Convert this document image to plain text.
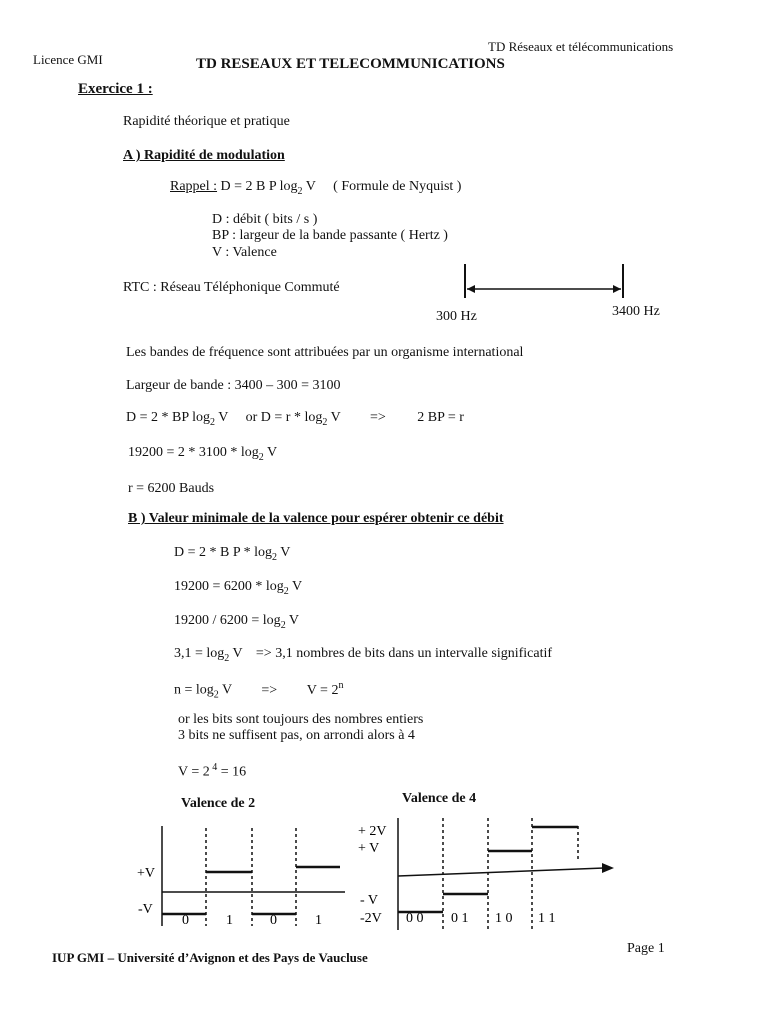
Licence GMI
TD Réseaux et télécommunications
TD RESEAUX ET TELECOMMUNICATIONS
Exercice 1 :
Rapidité théorique et pratique
A ) Rapidité de modulation
Rappel : D = 2 B P $\log_2 V$ ( Formule de Nyquist )
D : débit ( bits / s )
BP : largeur de la bande passante ( Hertz )
V : Valence
RTC : Réseau Téléphonique Commuté
300 Hz	3400 Hz
Les bandes de fréquence sont attribuées par un organisme international
Largeur de bande : 3400 – 300 = 3100
D = 2 * BP $\log_2 V$ or $D = r * \log_2 V => 2$ BP = r
$19200 = 2 * 3100 * \log_2 V$
r = 6200 Bauds
B ) Valeur minimale de la valence pour espérer obtenir ce débit
D = 2 * B P * $\log_2 V$
$19200 = 6200 * \log_2 V$
$19200 / 6200 = \log_2 V$
$3,1 = \log_2 V => 3,1$ nombres de bits dans un intervalle significatif
$n = \log_2 V => V = 2^n$
or les bits sont toujours des nombres entiers
3 bits ne suffisent pas, on arrondi alors à 4
V = 2 $^4$ = 16
Valence de 2
+V
-V
0	1	0	1
Valence de 4
+ 2V
+ V
- V
-2V 0 0 0 1 1 0 1 1
IUP GMI – Université d’Avignon et des Pays de Vaucluse
Page 1
